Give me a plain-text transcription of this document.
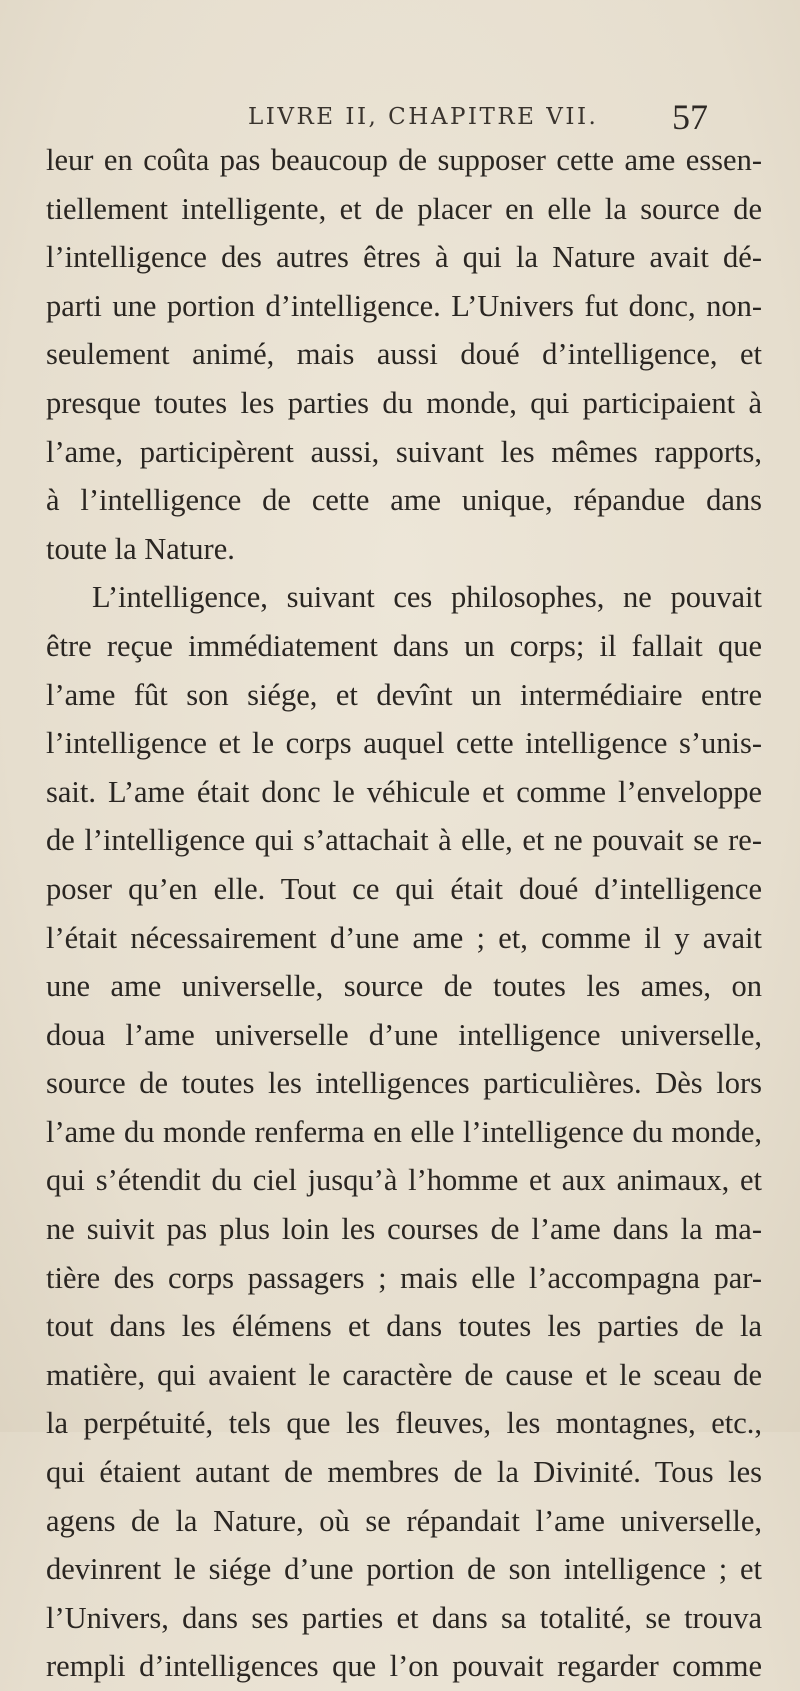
LIVRE II, CHAPITRE VII. 57
leur en coûta pas beaucoup de supposer cette ame essen-
tiellement intelligente, et de placer en elle la source de
l’intelligence des autres êtres à qui la Nature avait dé-
parti une portion d’intelligence. L’Univers fut donc, non-
seulement animé, mais aussi doué d’intelligence, et
presque toutes les parties du monde, qui participaient à
l’ame, participèrent aussi, suivant les mêmes rapports,
à l’intelligence de cette ame unique, répandue dans
toute la Nature.
L’intelligence, suivant ces philosophes, ne pouvait
être reçue immédiatement dans un corps; il fallait que
l’ame fût son siége, et devînt un intermédiaire entre
l’intelligence et le corps auquel cette intelligence s’unis-
sait. L’ame était donc le véhicule et comme l’enveloppe
de l’intelligence qui s’attachait à elle, et ne pouvait se re-
poser qu’en elle. Tout ce qui était doué d’intelligence
l’était nécessairement d’une ame ; et, comme il y avait
une ame universelle, source de toutes les ames, on
doua l’ame universelle d’une intelligence universelle,
source de toutes les intelligences particulières. Dès lors
l’ame du monde renferma en elle l’intelligence du monde,
qui s’étendit du ciel jusqu’à l’homme et aux animaux, et
ne suivit pas plus loin les courses de l’ame dans la ma-
tière des corps passagers ; mais elle l’accompagna par-
tout dans les élémens et dans toutes les parties de la
matière, qui avaient le caractère de cause et le sceau de
la perpétuité, tels que les fleuves, les montagnes, etc.,
qui étaient autant de membres de la Divinité. Tous les
agens de la Nature, où se répandait l’ame universelle,
devinrent le siége d’une portion de son intelligence ; et
l’Univers, dans ses parties et dans sa totalité, se trouva
rempli d’intelligences que l’on pouvait regarder comme
